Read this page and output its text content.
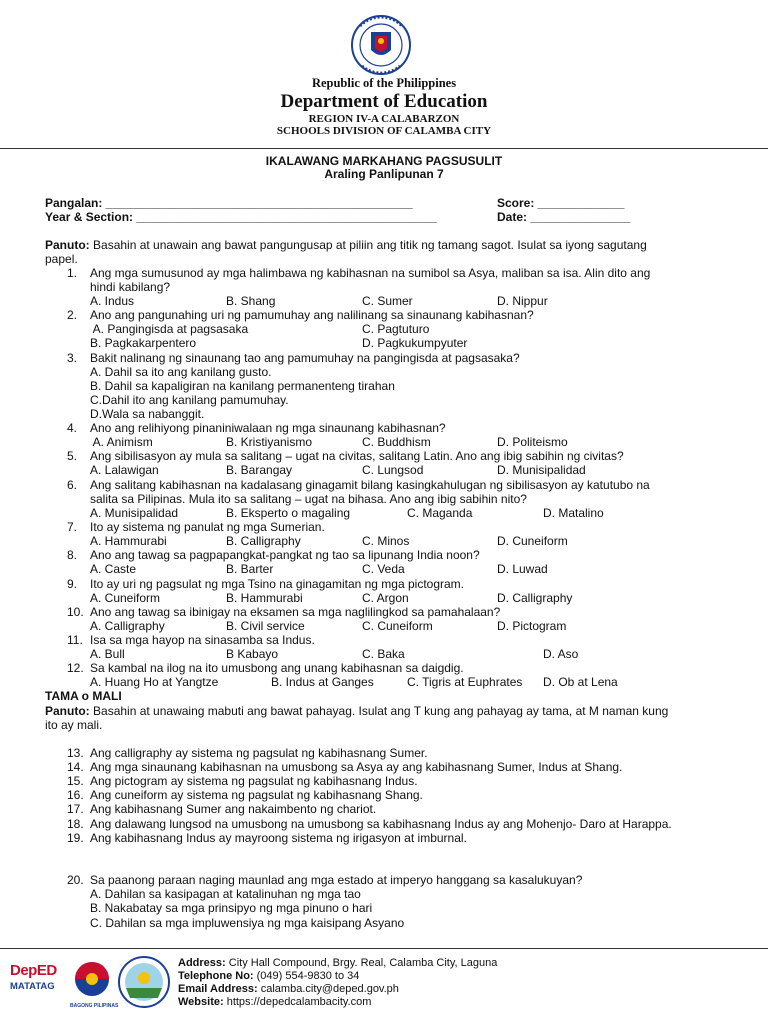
Republic of the Philippines
Department of Education
REGION IV-A CALABARZON
SCHOOLS DIVISION OF CALAMBA CITY
IKALAWANG MARKAHANG PAGSUSULIT
Araling Panlipunan 7
Pangalan: ______________________________________________	Score: _____________
Year & Section: _____________________________________________	Date: _______________
Panuto: Basahin at unawain ang bawat pangungusap at piliin ang titik ng tamang sagot. Isulat sa iyong sagutang
papel.
1. Ang mga sumusunod ay mga halimbawa ng kabihasnan na sumibol sa Asya, maliban sa isa. Alin dito ang
hindi kabilang?
A. Indus	B. Shang	C. Sumer	D. Nippur
2. Ano ang pangunahing uri ng pamumuhay ang nalilinang sa sinaunang kabihasnan?
A. Pangingisda at pagsasaka	C. Pagtuturo
B. Pagkakarpentero	D. Pagkukumpyuter
3. Bakit nalinang ng sinaunang tao ang pamumuhay na pangingisda at pagsasaka?
A. Dahil sa ito ang kanilang gusto.
B. Dahil sa kapaligiran na kanilang permanenteng tirahan
C.Dahil ito ang kanilang pamumuhay.
D.Wala sa nabanggit.
4. Ano ang relihiyong pinaniniwalaan ng mga sinaunang kabihasnan?
A. Animism	B. Kristiyanismo	C. Buddhism	D. Politeismo
5. Ang sibilisasyon ay mula sa salitang – ugat na civitas, salitang Latin. Ano ang ibig sabihin ng civitas?
A. Lalawigan	B. Barangay	C. Lungsod	D. Munisipalidad
6. Ang salitang kabihasnan na kadalasang ginagamit bilang kasingkahulugan ng sibilisasyon ay katutubo na
salita sa Pilipinas. Mula ito sa salitang – ugat na bihasa. Ano ang ibig sabihin nito?
A. Munisipalidad	B. Eksperto o magaling	C. Maganda	D. Matalino
7. Ito ay sistema ng panulat ng mga Sumerian.
A. Hammurabi	B. Calligraphy	C. Minos	D. Cuneiform
8. Ano ang tawag sa pagpapangkat-pangkat ng tao sa lipunang India noon?
A. Caste	B. Barter	C. Veda	D. Luwad
9. Ito ay uri ng pagsulat ng mga Tsino na ginagamitan ng mga pictogram.
A. Cuneiform	B. Hammurabi	C. Argon	D. Calligraphy
10. Ano ang tawag sa ibinigay na eksamen sa mga naglilingkod sa pamahalaan?
A. Calligraphy	B. Civil service	C. Cuneiform	D. Pictogram
11. Isa sa mga hayop na sinasamba sa Indus.
A. Bull	B Kabayo	C. Baka	D. Aso
12. Sa kambal na ilog na ito umusbong ang unang kabihasnan sa daigdig.
A. Huang Ho at Yangtze	B. Indus at Ganges	C. Tigris at Euphrates D. Ob at Lena
TAMA o MALI
Panuto: Basahin at unawaing mabuti ang bawat pahayag. Isulat ang T kung ang pahayag ay tama, at M naman kung
ito ay mali.
13. Ang calligraphy ay sistema ng pagsulat ng kabihasnang Sumer.
14. Ang mga sinaunang kabihasnan na umusbong sa Asya ay ang kabihasnang Sumer, Indus at Shang.
15. Ang pictogram ay sistema ng pagsulat ng kabihasnang Indus.
16. Ang cuneiform ay sistema ng pagsulat ng kabihasnang Shang.
17. Ang kabihasnang Sumer ang nakaimbento ng chariot.
18. Ang dalawang lungsod na umusbong na umusbong sa kabihasnang Indus ay ang Mohenjo- Daro at Harappa.
19. Ang kabihasnang Indus ay mayroong sistema ng irigasyon at imburnal.
20. Sa paanong paraan naging maunlad ang mga estado at imperyo hanggang sa kasalukuyan?
A. Dahilan sa kasipagan at katalinuhan ng mga tao
B. Nakabatay sa mga prinsipyo ng mga pinuno o hari
C. Dahilan sa mga impluwensiya ng mga kaisipang Asyano
DepED
MATATAG
BAGONG PILIPINAS
Address: City Hall Compound, Brgy. Real, Calamba City, Laguna
Telephone No: (049) 554-9830 to 34
Email Address: calamba.city@deped.gov.ph
Website: https://depedcalambacity.com
